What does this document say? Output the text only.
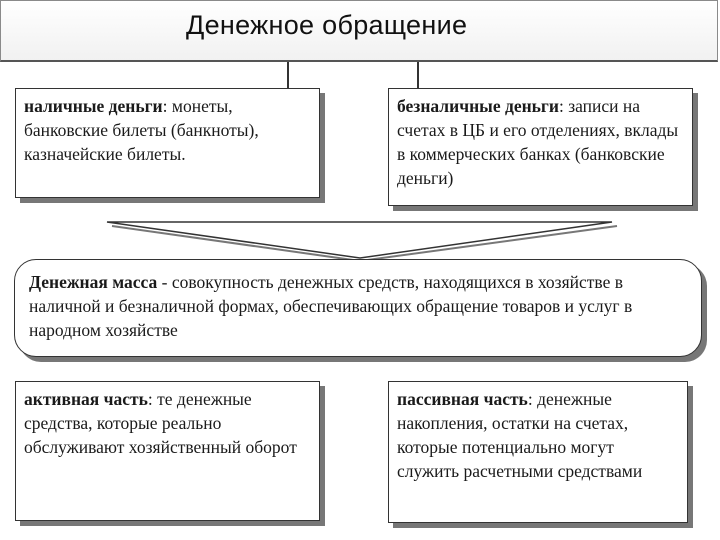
Денежное обращение
наличные деньги: монеты, банковские билеты (банкноты), казначейские билеты.
безналичные деньги: записи на счетах в ЦБ и его отделениях, вклады в коммерческих банках (банковские деньги)
Денежная масса - совокупность денежных средств, находящихся в хозяйстве в наличной и безналичной формах, обеспечивающих обращение товаров и услуг в народном хозяйстве
активная часть: те денежные средства, которые реально обслуживают хозяйственный оборот
пассивная часть: денежные накопления, остатки на счетах, которые потенциально могут служить расчетными средствами
